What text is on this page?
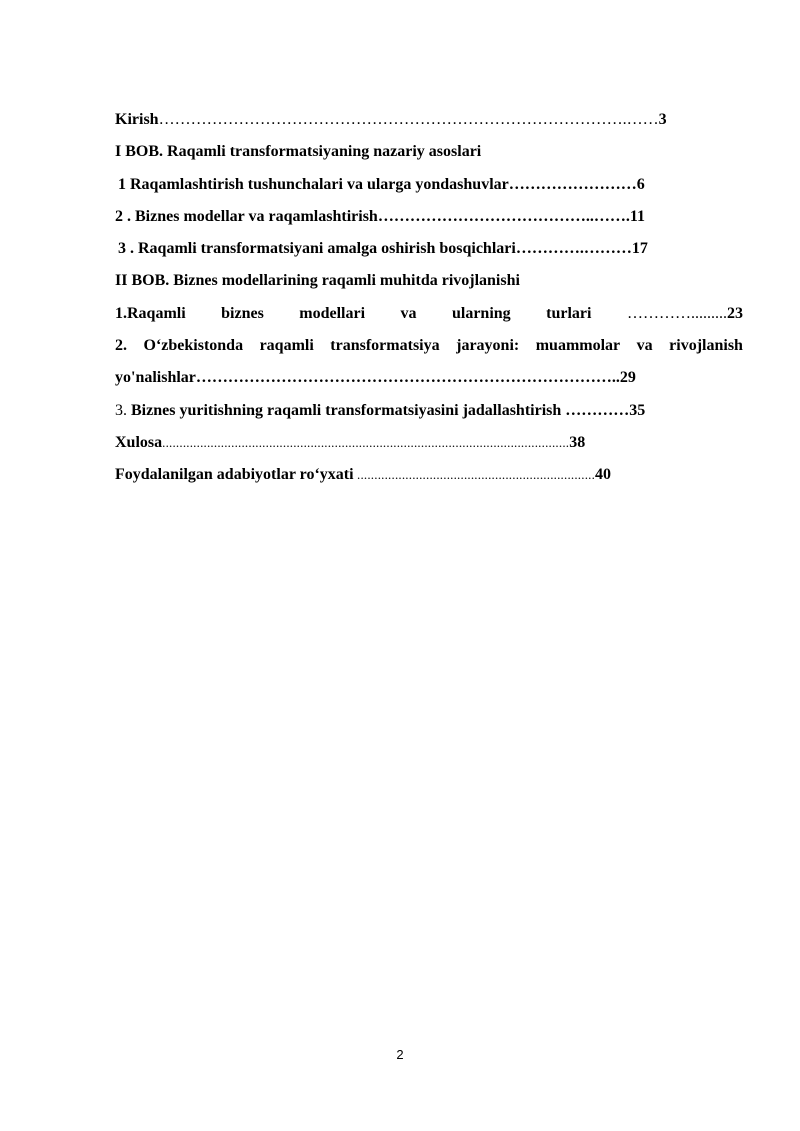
Kirish…………………………………………………………………………….……3
I BOB. Raqamli transformatsiyaning nazariy asoslari
1 Raqamlashtirish tushunchalari va ularga yondashuvlar……………………6
2 . Biznes modellar va raqamlashtirish…………………………………..…….11
3 . Raqamli transformatsiyani amalga oshirish bosqichlari………….………17
II BOB. Biznes modellarining raqamli muhitda rivojlanishi
1.Raqamli biznes modellari va ularning turlari ………….........23
2. O‘zbekistonda raqamli transformatsiya jarayoni: muammolar va rivojlanish
yo'nalishlar……………………………………………………………………..29
3. Biznes yuritishning raqamli transformatsiyasini jadallashtirish …………35
Xulosa......................................................................................................................38
Foydalanilgan adabiyotlar ro‘yxati .....................................................................40
2
